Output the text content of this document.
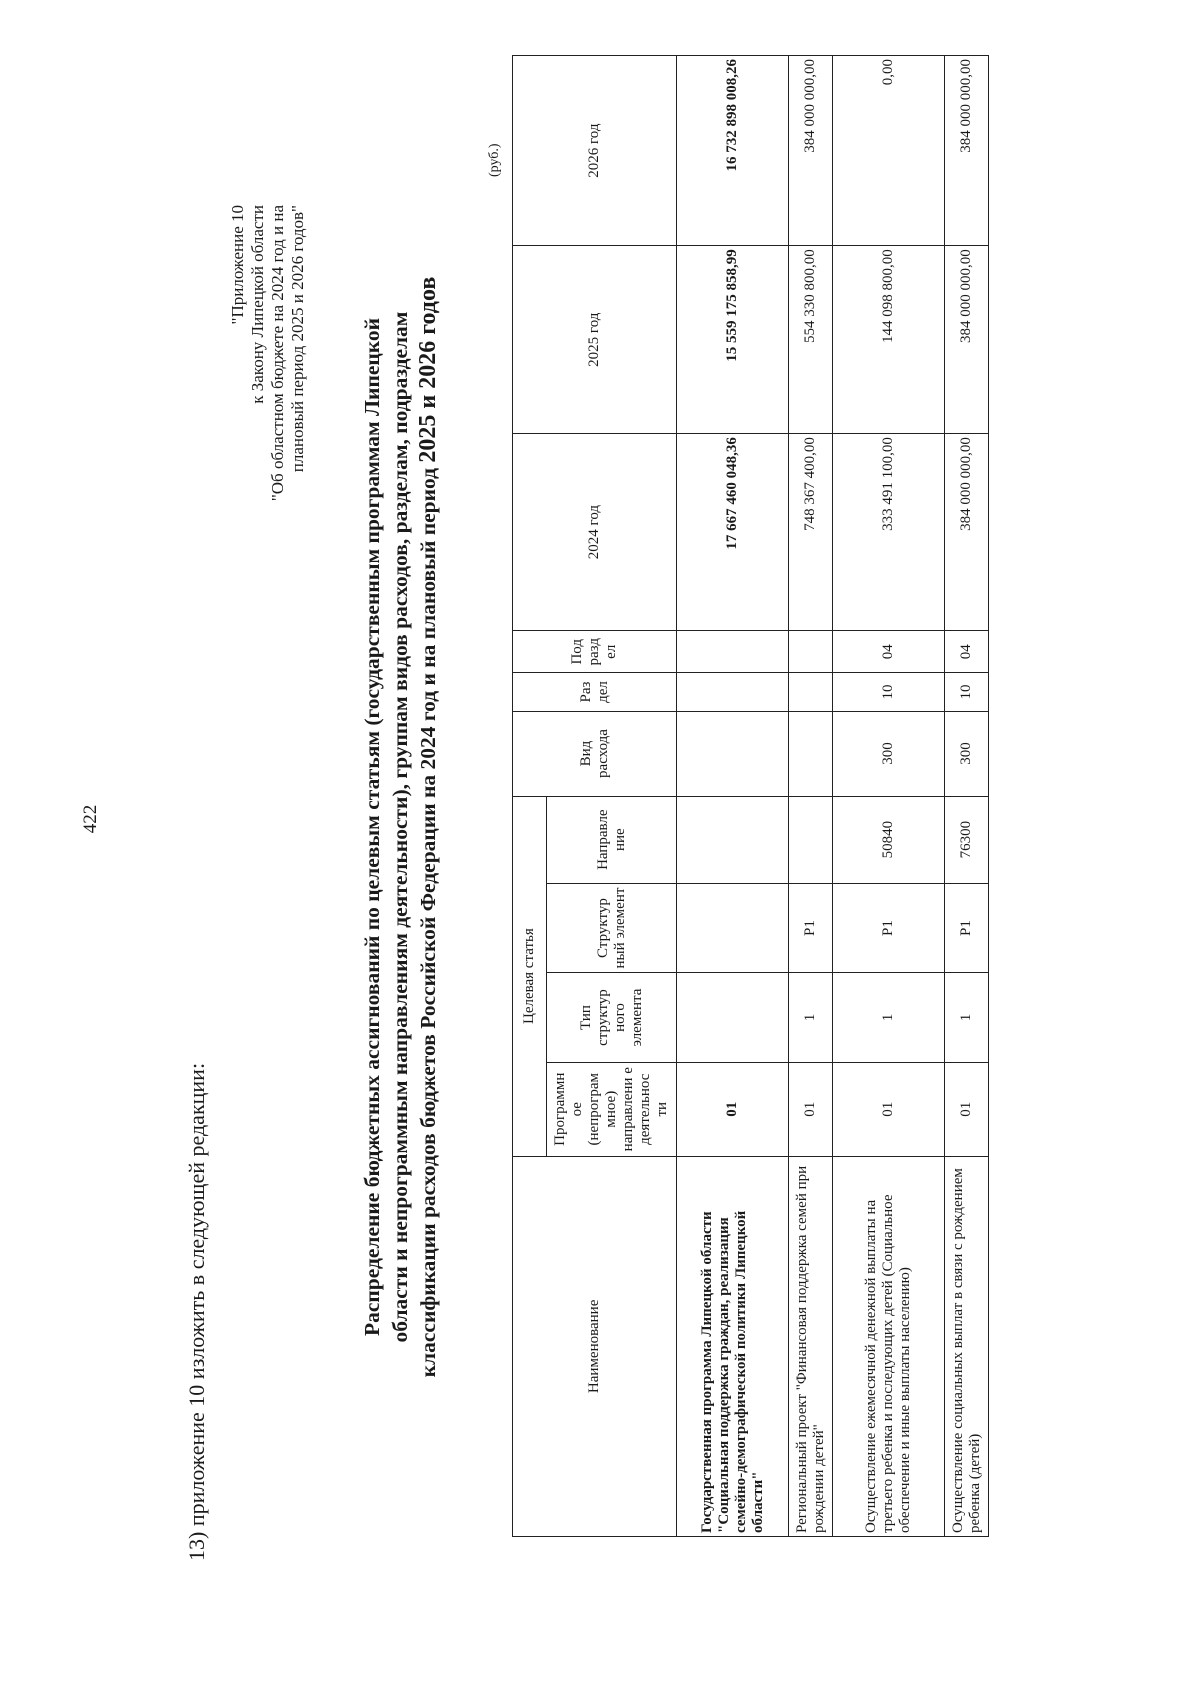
422
13) приложение 10 изложить в следующей редакции:
"Приложение 10 к Закону Липецкой области "Об областном бюджете на 2024 год и на плановый период 2025 и 2026 годов" Распределение бюджетных ассигнований по целевым статьям (государственным программам Липецкой области и непрограммным направлениям деятельности), группам видов расходов, разделам, подразделам классификации расходов бюджетов Российской Федерации на 2024 год и на плановый период 2025 и 2026 годов
(руб.)
Наименование	Целевая статья				Вид расхода	Раз дел	Под разд ел	2024 год	2025 год	2026 год
	Программн ое (непрограм мное) направлени е деятельнос ти	Тип структур ного элемента	Структур ный элемент	Направле ние						
Государственная программа Липецкой области "Социальная поддержка граждан, реализация семейно-демографической политики Липецкой области"	01							17 667 460 048,36	15 559 175 858,99	16 732 898 008,26
Региональный проект "Финансовая поддержка семей при рождении детей"	01	1	Р1					748 367 400,00	554 330 800,00	384 000 000,00
Осуществление ежемесячной денежной выплаты на третьего ребенка и последующих детей (Социальное обеспечение и иные выплаты населению)	01	1	Р1	50840	300	10	04	333 491 100,00	144 098 800,00	0,00
Осуществление социальных выплат в связи с рождением ребенка (детей)	01	1	Р1	76300	300	10	04	384 000 000,00	384 000 000,00	384 000 000,00
